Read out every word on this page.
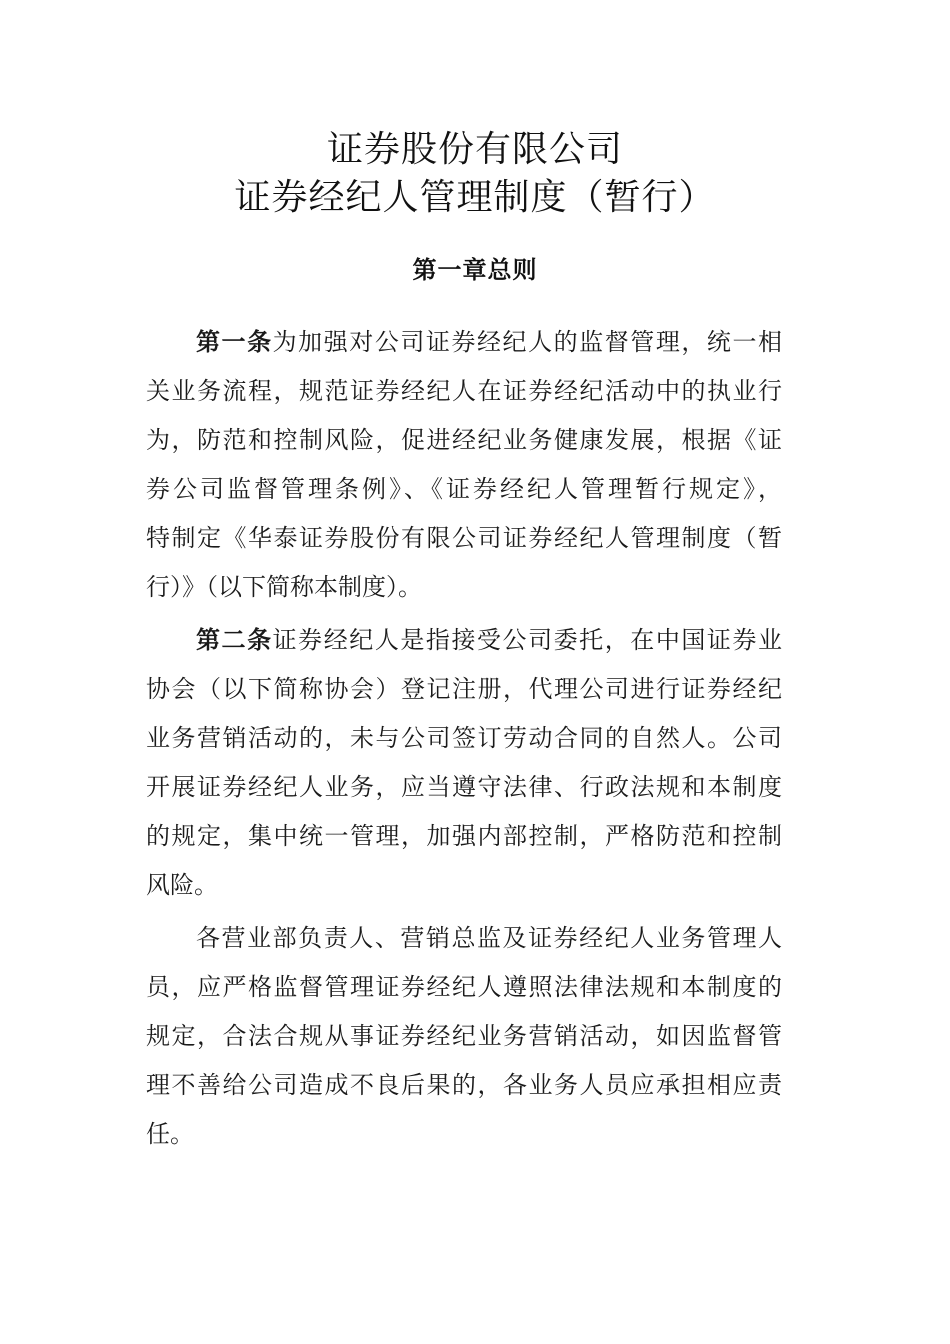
证券股份有限公司
证券经纪人管理制度（暂行）
第一章总则
第一条为加强对公司证券经纪人的监督管理，统一相
关业务流程，规范证券经纪人在证券经纪活动中的执业行
为，防范和控制风险，促进经纪业务健康发展，根据《证
券公司监督管理条例》、《证券经纪人管理暂行规定》，
特制定《华泰证券股份有限公司证券经纪人管理制度（暂
行）》（以下简称本制度）。
第二条证券经纪人是指接受公司委托，在中国证券业
协会（以下简称协会）登记注册，代理公司进行证券经纪
业务营销活动的，未与公司签订劳动合同的自然人。公司
开展证券经纪人业务，应当遵守法律、行政法规和本制度
的规定，集中统一管理，加强内部控制，严格防范和控制
风险。
各营业部负责人、营销总监及证券经纪人业务管理人
员，应严格监督管理证券经纪人遵照法律法规和本制度的
规定，合法合规从事证券经纪业务营销活动，如因监督管
理不善给公司造成不良后果的，各业务人员应承担相应责
任。
